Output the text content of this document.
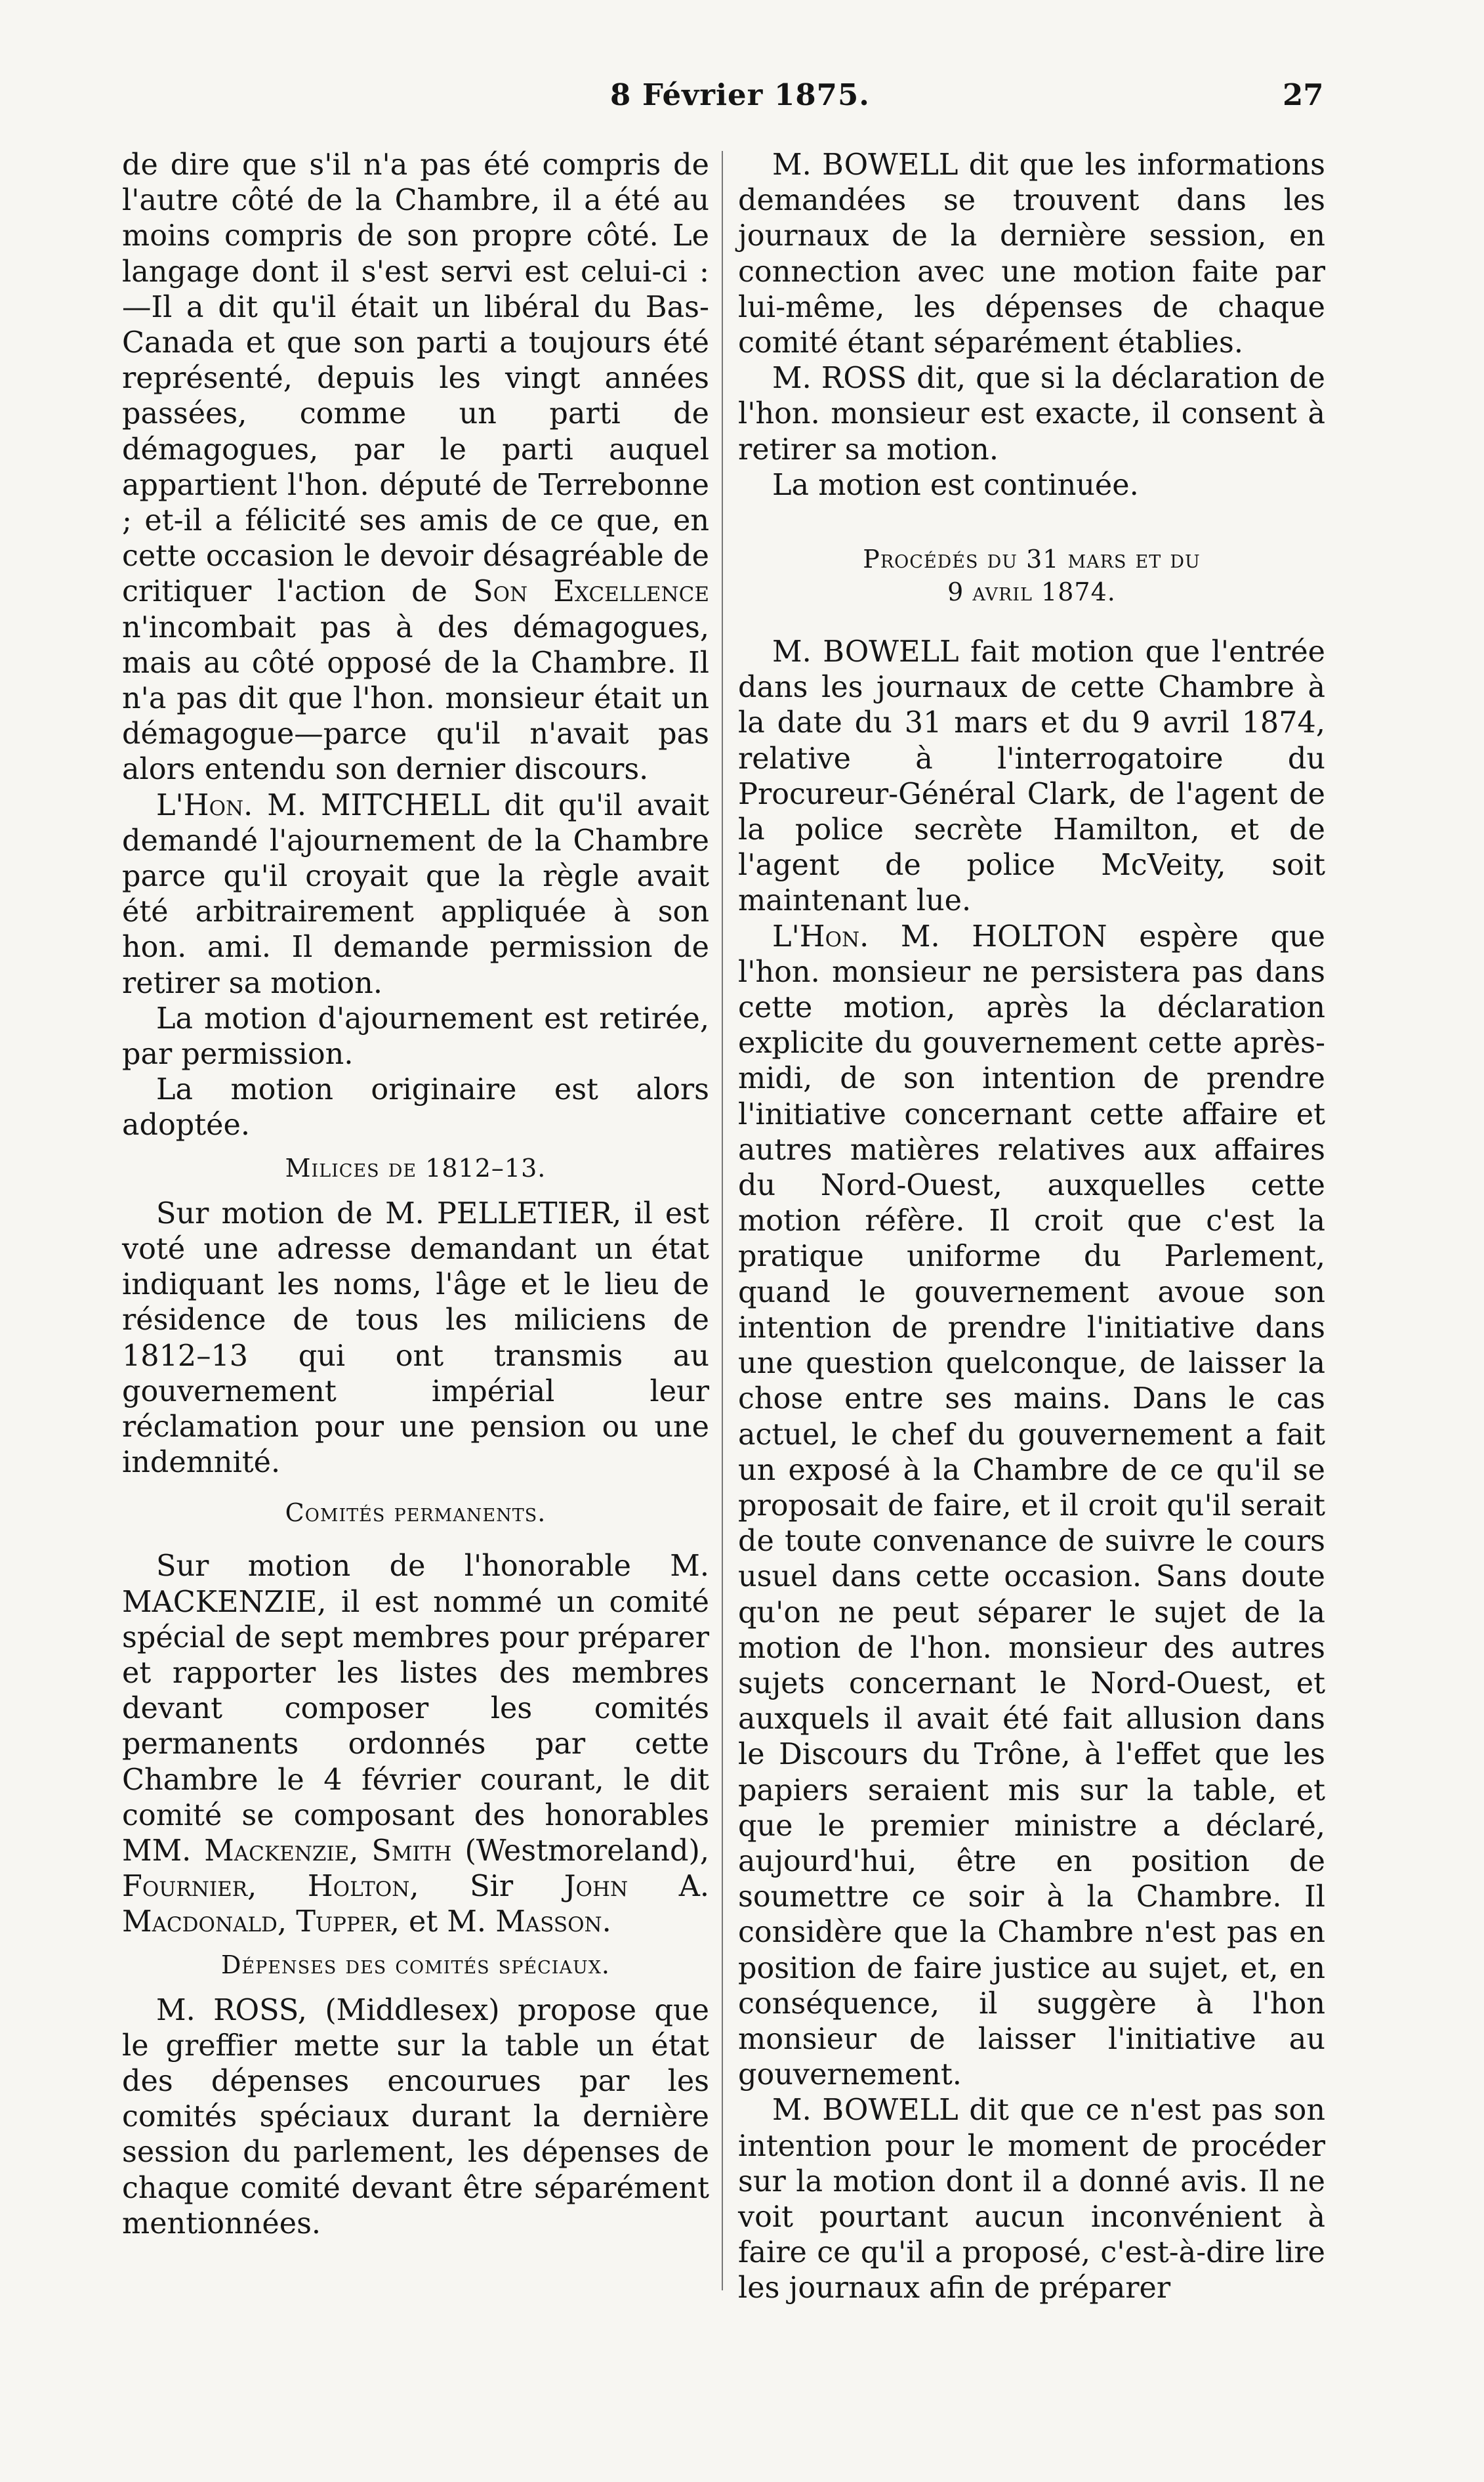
8 Février 1875.	27

de dire que s'il n'a pas été compris de l'autre côté de la Chambre, il a été au moins compris de son propre côté. Le langage dont il s'est servi est celui-ci : —Il a dit qu'il était un libéral du Bas-Canada et que son parti a toujours été représenté, depuis les vingt années passées, comme un parti de démagogues, par le parti auquel appartient l'hon. député de Terrebonne ; et-il a félicité ses amis de ce que, en cette occasion le devoir désagréable de critiquer l'action de Son Excellence n'incombait pas à des démagogues, mais au côté opposé de la Chambre. Il n'a pas dit que l'hon. monsieur était un démagogue—parce qu'il n'avait pas alors entendu son dernier discours.

L'Hon. M. MITCHELL dit qu'il avait demandé l'ajournement de la Chambre parce qu'il croyait que la règle avait été arbitrairement appliquée à son hon. ami. Il demande permission de retirer sa motion.

La motion d'ajournement est retirée, par permission.

La motion originaire est alors adoptée.

Milices de 1812–13.

Sur motion de M. PELLETIER, il est voté une adresse demandant un état indiquant les noms, l'âge et le lieu de résidence de tous les miliciens de 1812–13 qui ont transmis au gouvernement impérial leur réclamation pour une pension ou une indemnité.

Comités permanents.

Sur motion de l'honorable M. MACKENZIE, il est nommé un comité spécial de sept membres pour préparer et rapporter les listes des membres devant composer les comités permanents ordonnés par cette Chambre le 4 février courant, le dit comité se composant des honorables MM. Mackenzie, Smith (Westmoreland), Fournier, Holton, Sir John A. Macdonald, Tupper, et M. Masson.

Dépenses des comités spéciaux.

M. ROSS, (Middlesex) propose que le greffier mette sur la table un état des dépenses encourues par les comités spéciaux durant la dernière session du parlement, les dépenses de chaque comité devant être séparément mentionnées.

M. BOWELL dit que les informations demandées se trouvent dans les journaux de la dernière session, en connection avec une motion faite par lui-même, les dépenses de chaque comité étant séparément établies.

M. ROSS dit, que si la déclaration de l'hon. monsieur est exacte, il consent à retirer sa motion.

La motion est continuée.

Procédés du 31 mars et du
9 avril 1874.

M. BOWELL fait motion que l'entrée dans les journaux de cette Chambre à la date du 31 mars et du 9 avril 1874, relative à l'interrogatoire du Procureur-Général Clark, de l'agent de la police secrète Hamilton, et de l'agent de police McVeity, soit maintenant lue.

L'Hon. M. HOLTON espère que l'hon. monsieur ne persistera pas dans cette motion, après la déclaration explicite du gouvernement cette après-midi, de son intention de prendre l'initiative concernant cette affaire et autres matières relatives aux affaires du Nord-Ouest, auxquelles cette motion réfère. Il croit que c'est la pratique uniforme du Parlement, quand le gouvernement avoue son intention de prendre l'initiative dans une question quelconque, de laisser la chose entre ses mains. Dans le cas actuel, le chef du gouvernement a fait un exposé à la Chambre de ce qu'il se proposait de faire, et il croit qu'il serait de toute convenance de suivre le cours usuel dans cette occasion. Sans doute qu'on ne peut séparer le sujet de la motion de l'hon. monsieur des autres sujets concernant le Nord-Ouest, et auxquels il avait été fait allusion dans le Discours du Trône, à l'effet que les papiers seraient mis sur la table, et que le premier ministre a déclaré, aujourd'hui, être en position de soumettre ce soir à la Chambre. Il considère que la Chambre n'est pas en position de faire justice au sujet, et, en conséquence, il suggère à l'hon monsieur de laisser l'initiative au gouvernement.

M. BOWELL dit que ce n'est pas son intention pour le moment de procéder sur la motion dont il a donné avis. Il ne voit pourtant aucun inconvénient à faire ce qu'il a proposé, c'est-à-dire lire les journaux afin de préparer
